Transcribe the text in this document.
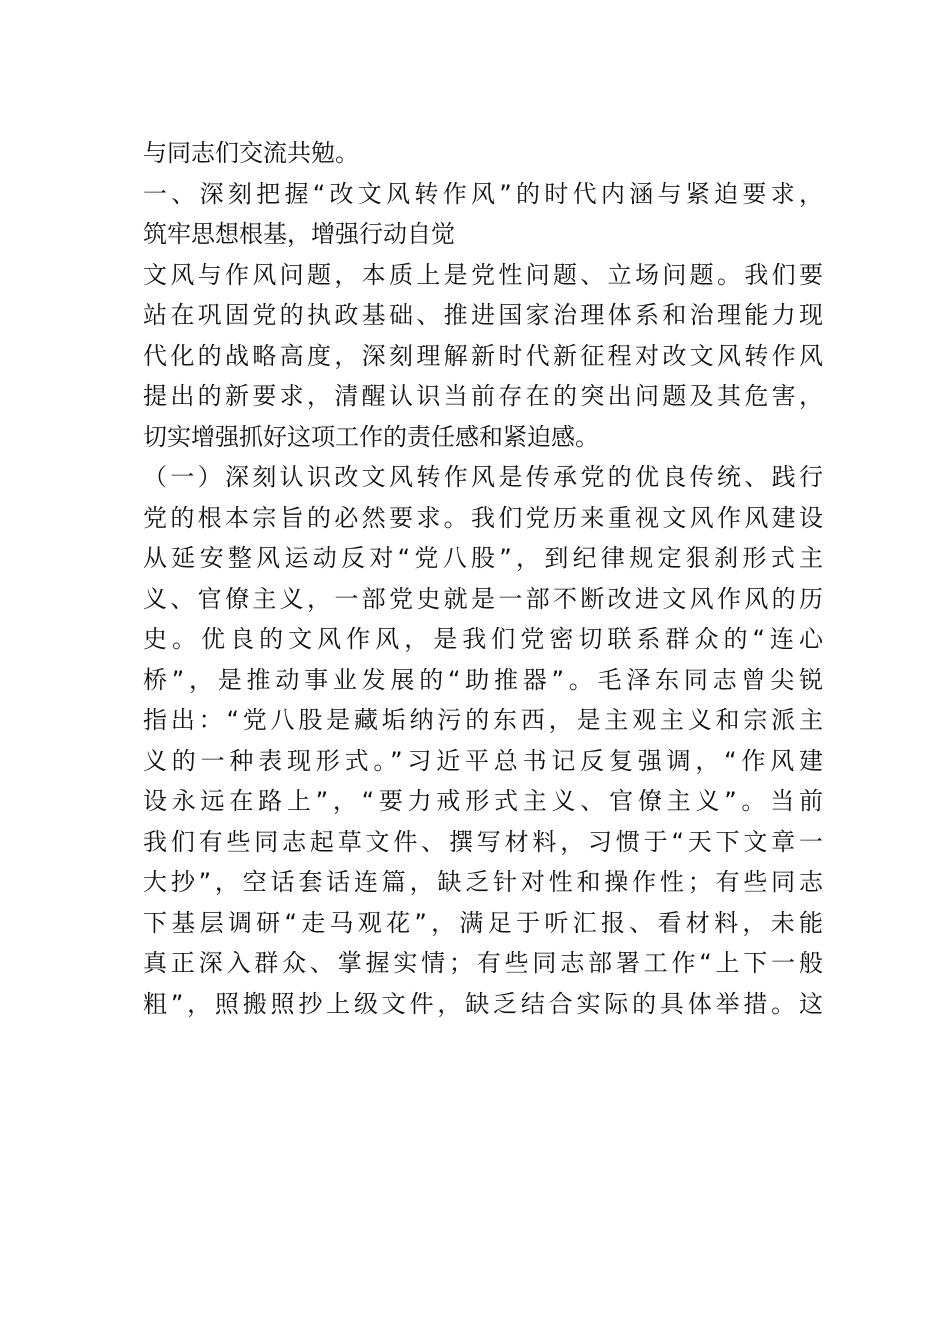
与同志们交流共勉。
一、深刻把握“改文风转作风”的时代内涵与紧迫要求，
筑牢思想根基，增强行动自觉
文风与作风问题，本质上是党性问题、立场问题。我们要
站在巩固党的执政基础、推进国家治理体系和治理能力现
代化的战略高度，深刻理解新时代新征程对改文风转作风
提出的新要求，清醒认识当前存在的突出问题及其危害，
切实增强抓好这项工作的责任感和紧迫感。
（一）深刻认识改文风转作风是传承党的优良传统、践行
党的根本宗旨的必然要求。我们党历来重视文风作风建设
从延安整风运动反对“党八股”，到纪律规定狠刹形式主
义、官僚主义，一部党史就是一部不断改进文风作风的历
史。优良的文风作风，是我们党密切联系群众的“连心
桥”，是推动事业发展的“助推器”。毛泽东同志曾尖锐
指出：“党八股是藏垢纳污的东西，是主观主义和宗派主
义的一种表现形式。”习近平总书记反复强调，“作风建
设永远在路上”，“要力戒形式主义、官僚主义”。当前
我们有些同志起草文件、撰写材料，习惯于“天下文章一
大抄”，空话套话连篇，缺乏针对性和操作性；有些同志
下基层调研“走马观花”，满足于听汇报、看材料，未能
真正深入群众、掌握实情；有些同志部署工作“上下一般
粗”，照搬照抄上级文件，缺乏结合实际的具体举措。这
